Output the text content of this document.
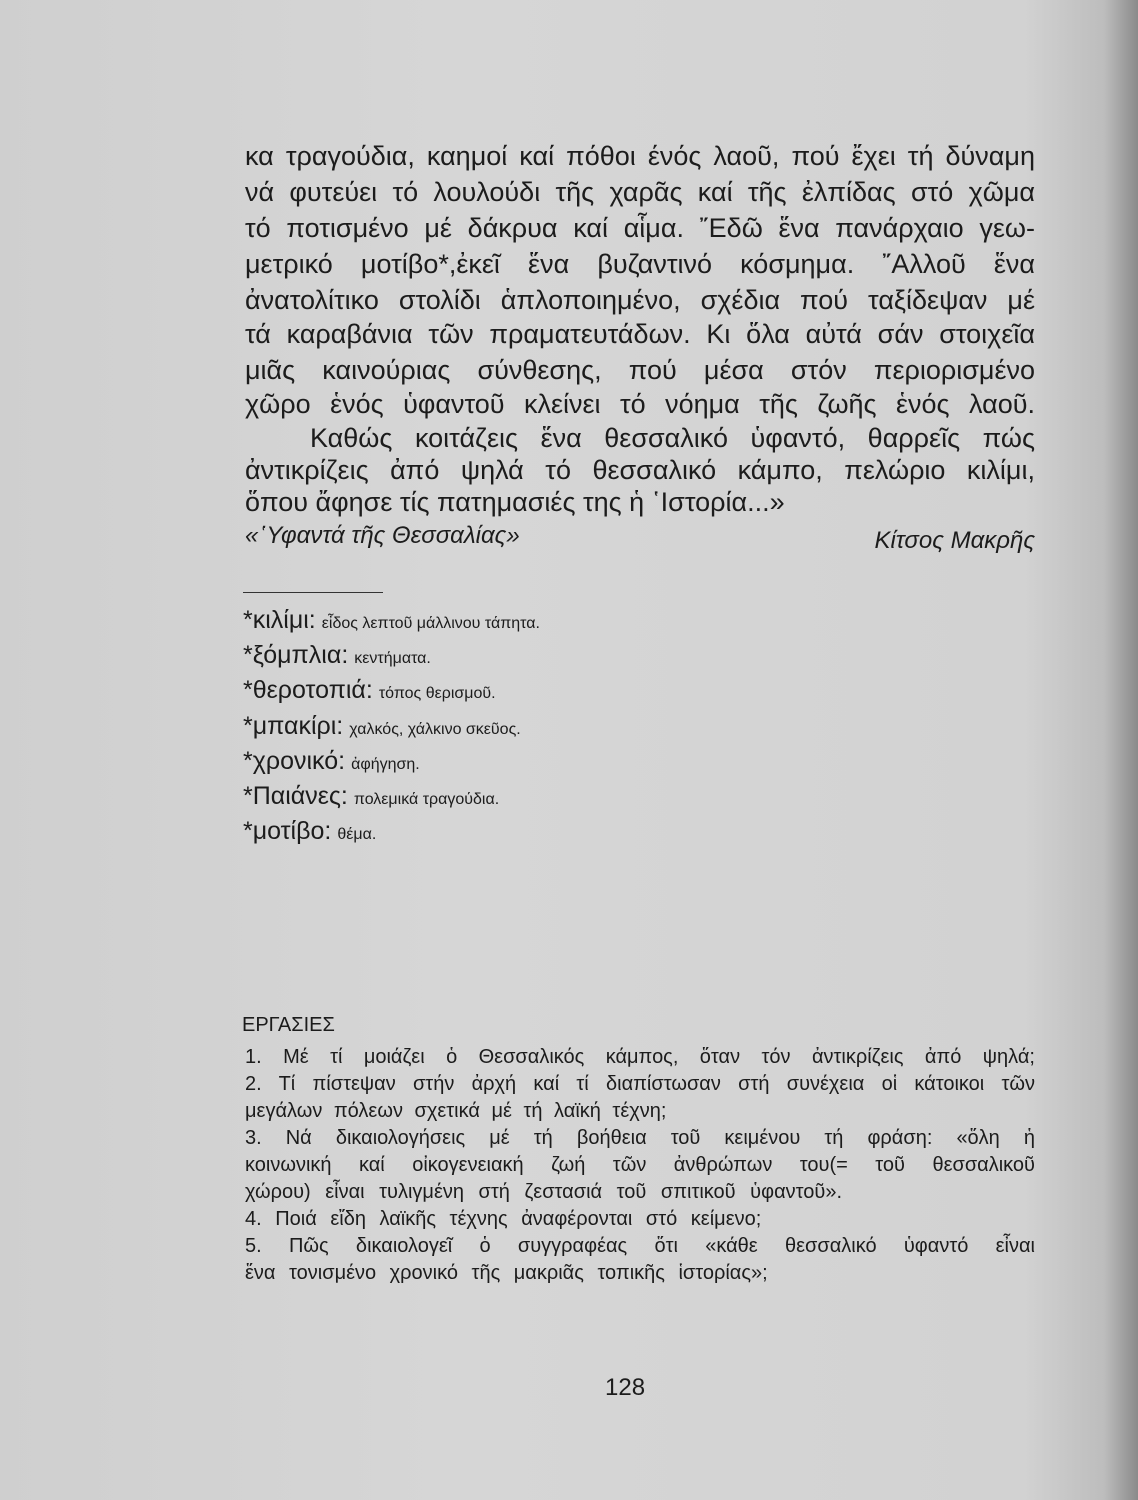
κα τραγούδια, καημοί καί πόθοι ένός λαοῦ, πού ἔχει τή δύναμη
νά φυτεύει τό λουλούδι τῆς χαρᾶς καί τῆς ἐλπίδας στό χῶμα
τό ποτισμένο μέ δάκρυα καί αἷμα. ῎Εδῶ ἕνα πανάρχαιο γεω-
μετρικό μοτίβο*,ἐκεῖ ἕνα βυζαντινό κόσμημα. ῎Αλλοῦ ἕνα
ἀνατολίτικο στολίδι ἁπλοποιημένο, σχέδια πού ταξίδεψαν μέ
τά καραβάνια τῶν πραματευτάδων. Κι ὅλα αὐτά σάν στοιχεῖα
μιᾶς καινούριας σύνθεσης, πού μέσα στόν περιορισμένο
χῶρο ἑνός ὑφαντοῦ κλείνει τό νόημα τῆς ζωῆς ἑνός λαοῦ.
Καθώς κοιτάζεις ἕνα θεσσαλικό ὑφαντό, θαρρεῖς πώς
ἀντικρίζεις ἀπό ψηλά τό θεσσαλικό κάμπο, πελώριο κιλίμι,
ὅπου ἄφησε τίς πατημασιές της ἡ ῾Ιστορία...»
«῾Υφαντά τῆς Θεσσαλίας»	Κίτσος Μακρῆς
*κιλίμι: εἶδος λεπτοῦ μάλλινου τάπητα.
*ξόμπλια: κεντήματα.
*θεροτοπιά: τόπος θερισμοῦ.
*μπακίρι: χαλκός, χάλκινο σκεῦος.
*χρονικό: ἀφήγηση.
*Παιάνες: πολεμικά τραγούδια.
*μοτίβο: θέμα.
ΕΡΓΑΣΙΕΣ
1. Μέ τί μοιάζει ὁ Θεσσαλικός κάμπος, ὅταν τόν ἀντικρίζεις ἀπό ψηλά;
2. Τί πίστεψαν στήν ἀρχή καί τί διαπίστωσαν στή συνέχεια οἱ κάτοικοι τῶν
μεγάλων πόλεων σχετικά μέ τή λαϊκή τέχνη;
3. Νά δικαιολογήσεις μέ τή βοήθεια τοῦ κειμένου τή φράση: «ὅλη ἡ
κοινωνική καί οἰκογενειακή ζωή τῶν ἀνθρώπων του(= τοῦ θεσσαλικοῦ
χώρου) εἶναι τυλιγμένη στή ζεστασιά τοῦ σπιτικοῦ ὑφαντοῦ».
4. Ποιά εἴδη λαϊκῆς τέχνης ἀναφέρονται στό κείμενο;
5. Πῶς δικαιολογεῖ ὁ συγγραφέας ὅτι «κάθε θεσσαλικό ὑφαντό εἶναι
ἕνα τονισμένο χρονικό τῆς μακριᾶς τοπικῆς ἱστορίας»;
128
